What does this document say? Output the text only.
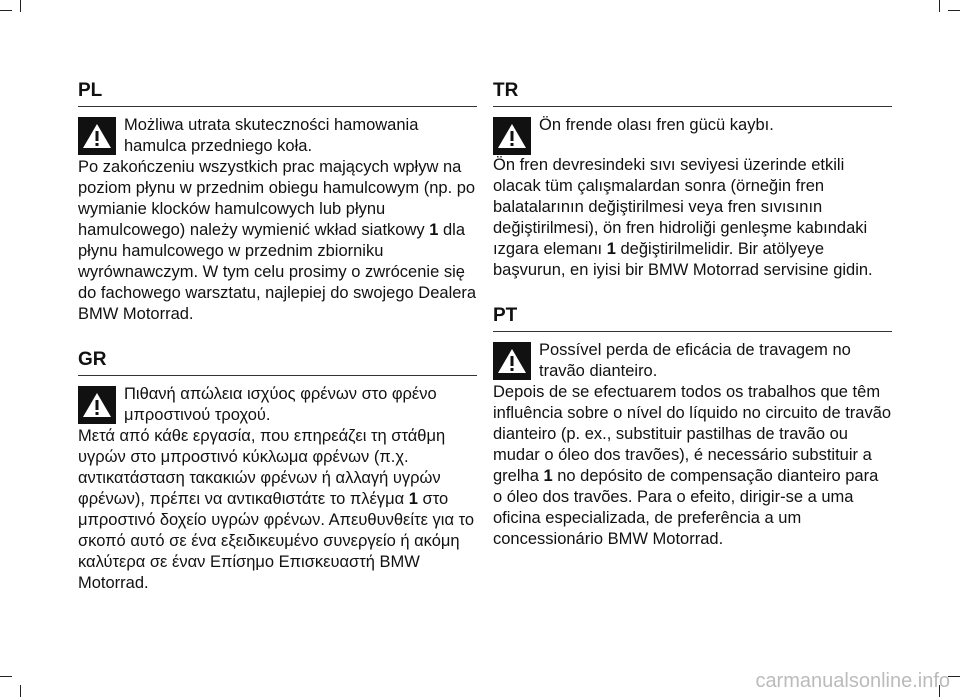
PL
Możliwa utrata skuteczności hamowania hamulca przedniego koła.

Po zakończeniu wszystkich prac mających wpływ na poziom płynu w przednim obiegu hamulcowym (np. po wymianie klocków hamulcowych lub płynu hamulcowego) należy wymienić wkład siatkowy 1 dla płynu hamulcowego w przednim zbiorniku wyrównawczym. W tym celu prosimy o zwrócenie się do fachowego warsztatu, najlepiej do swojego Dealera BMW Motorrad.

GR
Πιθανή απώλεια ισχύος φρένων στο φρένο μπροστινού τροχού.

Μετά από κάθε εργασία, που επηρεάζει τη στάθμη υγρών στο μπροστινό κύκλωμα φρένων (π.χ. αντικατάσταση τακακιών φρένων ή αλλαγή υγρών φρένων), πρέπει να αντικαθιστάτε το πλέγμα 1 στο μπροστινό δοχείο υγρών φρένων. Απευθυνθείτε για το σκοπό αυτό σε ένα εξειδικευμένο συνεργείο ή ακόμη καλύτερα σε έναν Επίσημο Επισκευαστή BMW Motorrad.

TR
Ön frende olası fren gücü kaybı.

Ön fren devresindeki sıvı seviyesi üzerinde etkili olacak tüm çalışmalardan sonra (örneğin fren balatalarının değiştirilmesi veya fren sıvısının değiştirilmesi), ön fren hidroliği genleşme kabındaki ızgara elemanı 1 değiştirilmelidir. Bir atölyeye başvurun, en iyisi bir BMW Motorrad servisine gidin.

PT
Possível perda de eficácia de travagem no travão dianteiro.

Depois de se efectuarem todos os trabalhos que têm influência sobre o nível do líquido no circuito de travão dianteiro (p. ex., substituir pastilhas de travão ou mudar o óleo dos travões), é necessário substituir a grelha 1 no depósito de compensação dianteiro para o óleo dos travões. Para o efeito, dirigir-se a uma oficina especializada, de preferência a um concessionário BMW Motorrad.

carmanualsonline.info
